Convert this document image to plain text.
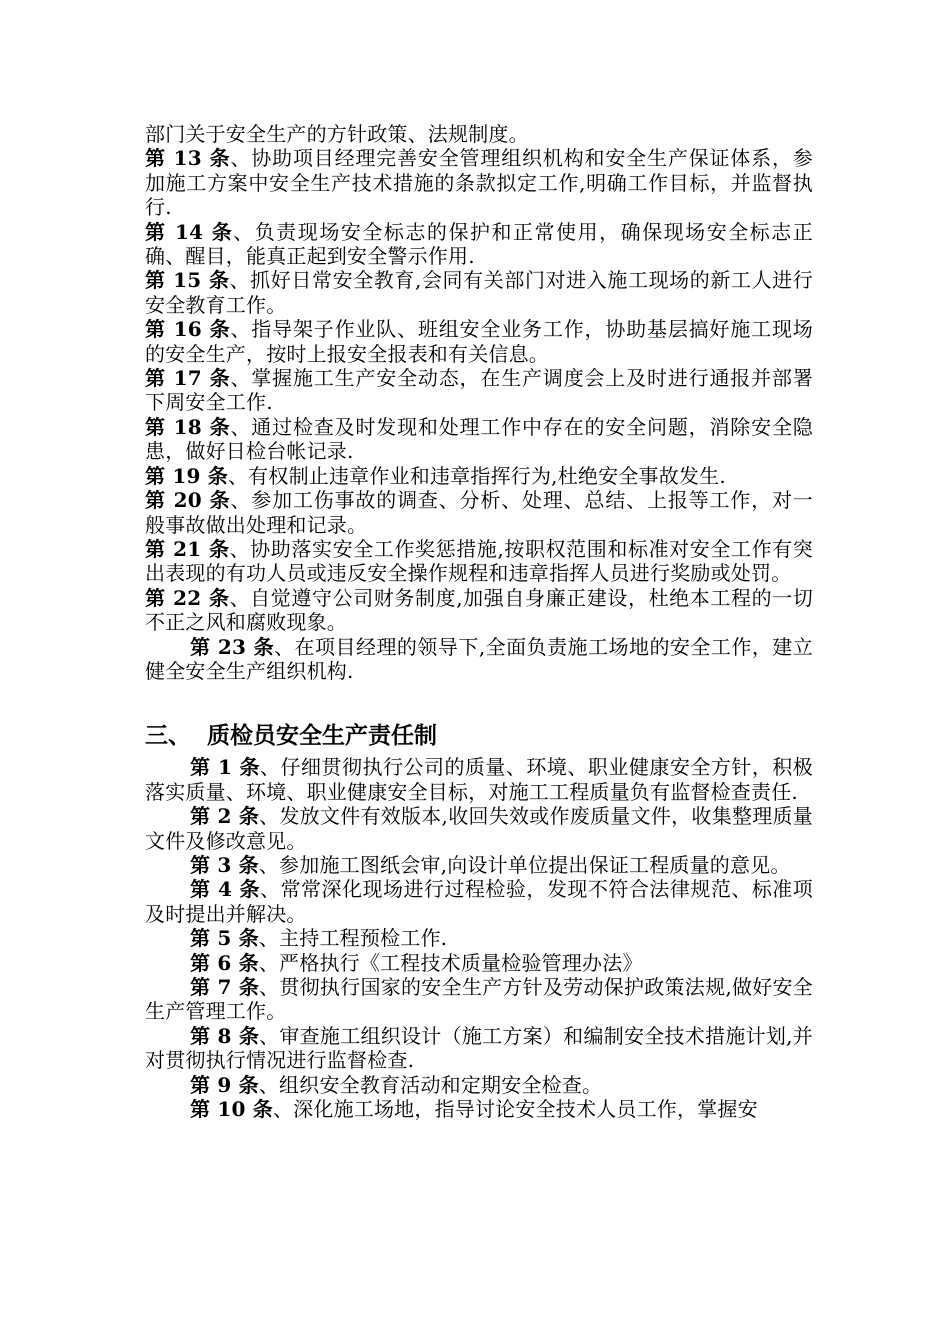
部门关于安全生产的方针政策、法规制度。

第 13 条、协助项目经理完善安全管理组织机构和安全生产保证体系，参加施工方案中安全生产技术措施的条款拟定工作,明确工作目标，并监督执行.

第 14 条、负责现场安全标志的保护和正常使用，确保现场安全标志正确、醒目，能真正起到安全警示作用.

第 15 条、抓好日常安全教育,会同有关部门对进入施工现场的新工人进行安全教育工作。

第 16 条、指导架子作业队、班组安全业务工作，协助基层搞好施工现场的安全生产，按时上报安全报表和有关信息。

第 17 条、掌握施工生产安全动态，在生产调度会上及时进行通报并部署下周安全工作.

第 18 条、通过检查及时发现和处理工作中存在的安全问题，消除安全隐患，做好日检台帐记录.

第 19 条、有权制止违章作业和违章指挥行为,杜绝安全事故发生.

第 20 条、参加工伤事故的调查、分析、处理、总结、上报等工作，对一般事故做出处理和记录。

第 21 条、协助落实安全工作奖惩措施,按职权范围和标准对安全工作有突出表现的有功人员或违反安全操作规程和违章指挥人员进行奖励或处罚。

第 22 条、自觉遵守公司财务制度,加强自身廉正建设，杜绝本工程的一切不正之风和腐败现象。

第 23 条、在项目经理的领导下,全面负责施工场地的安全工作，建立健全安全生产组织机构.

三、 质检员安全生产责任制

第 1 条、仔细贯彻执行公司的质量、环境、职业健康安全方针，积极落实质量、环境、职业健康安全目标，对施工工程质量负有监督检查责任.

第 2 条、发放文件有效版本,收回失效或作废质量文件，收集整理质量文件及修改意见。

第 3 条、参加施工图纸会审,向设计单位提出保证工程质量的意见。

第 4 条、常常深化现场进行过程检验，发现不符合法律规范、标准项及时提出并解决。

第 5 条、主持工程预检工作.

第 6 条、严格执行《工程技术质量检验管理办法》

第 7 条、贯彻执行国家的安全生产方针及劳动保护政策法规,做好安全生产管理工作。

第 8 条、审查施工组织设计（施工方案）和编制安全技术措施计划,并对贯彻执行情况进行监督检查.

第 9 条、组织安全教育活动和定期安全检查。

第 10 条、深化施工场地，指导讨论安全技术人员工作，掌握安
